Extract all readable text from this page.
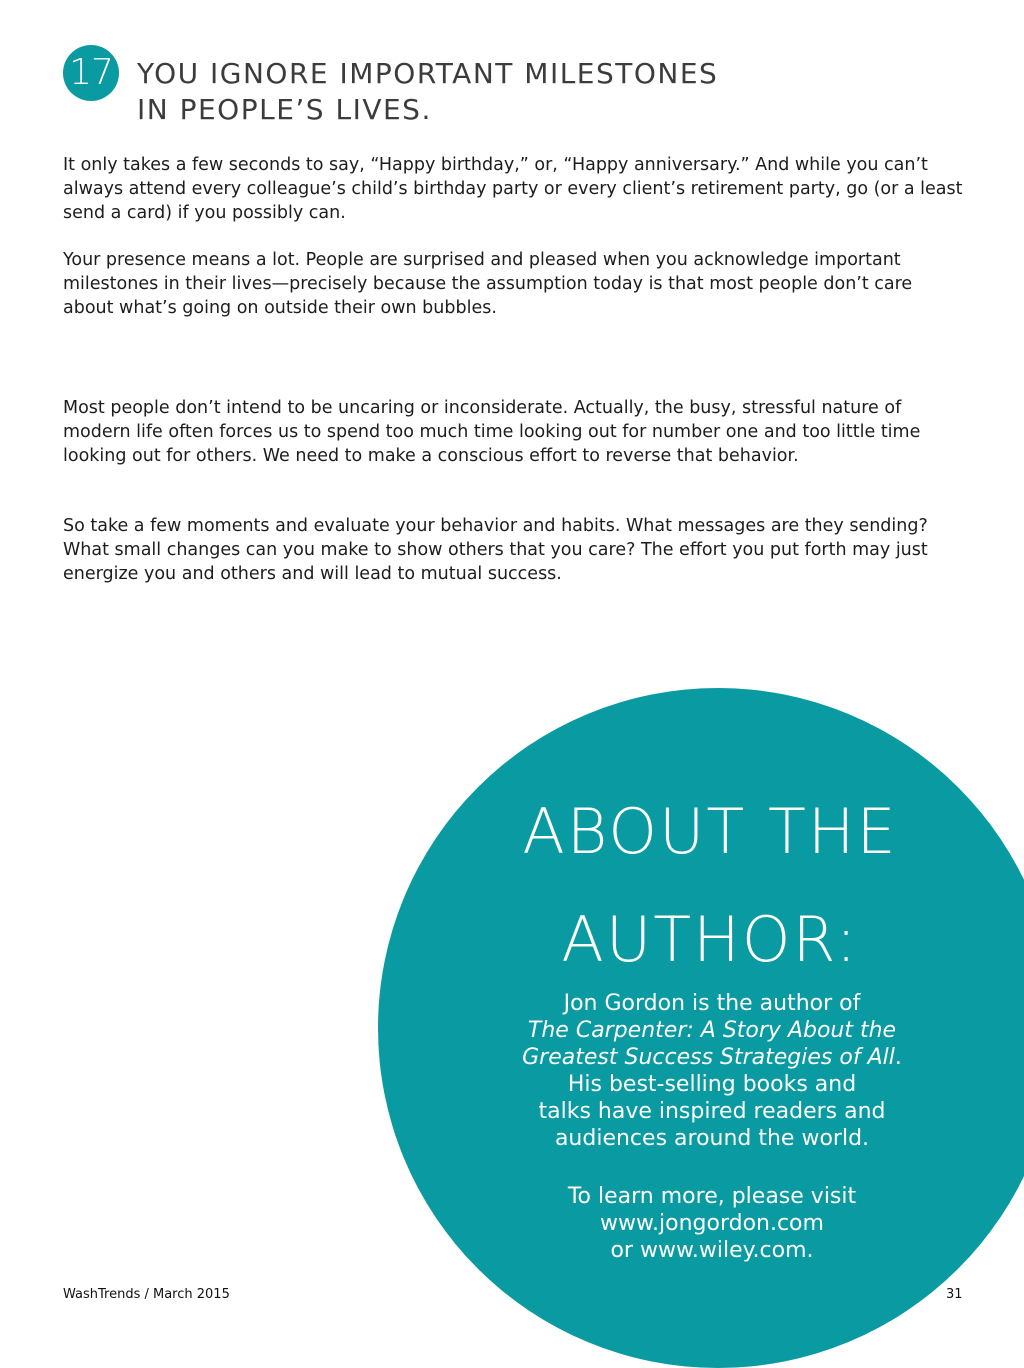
17 YOU IGNORE IMPORTANT MILESTONES
IN PEOPLE’S LIVES.

It only takes a few seconds to say, “Happy birthday,” or, “Happy anniversary.” And while you can’t always attend every colleague’s child’s birthday party or every client’s retirement party, go (or a least send a card) if you possibly can.

Your presence means a lot. People are surprised and pleased when you acknowledge important milestones in their lives—precisely because the assumption today is that most people don’t care about what’s going on outside their own bubbles.

Most people don’t intend to be uncaring or inconsiderate. Actually, the busy, stressful nature of modern life often forces us to spend too much time looking out for number one and too little time looking out for others. We need to make a conscious effort to reverse that behavior.

So take a few moments and evaluate your behavior and habits. What messages are they sending? What small changes can you make to show others that you care? The effort you put forth may just energize you and others and will lead to mutual success.

ABOUT THE
AUTHOR:
Jon Gordon is the author of
The Carpenter: A Story About the
Greatest Success Strategies of All.
His best-selling books and
talks have inspired readers and
audiences around the world.
To learn more, please visit
www.jongordon.com
or www.wiley.com.
WashTrends / March 2015	31
